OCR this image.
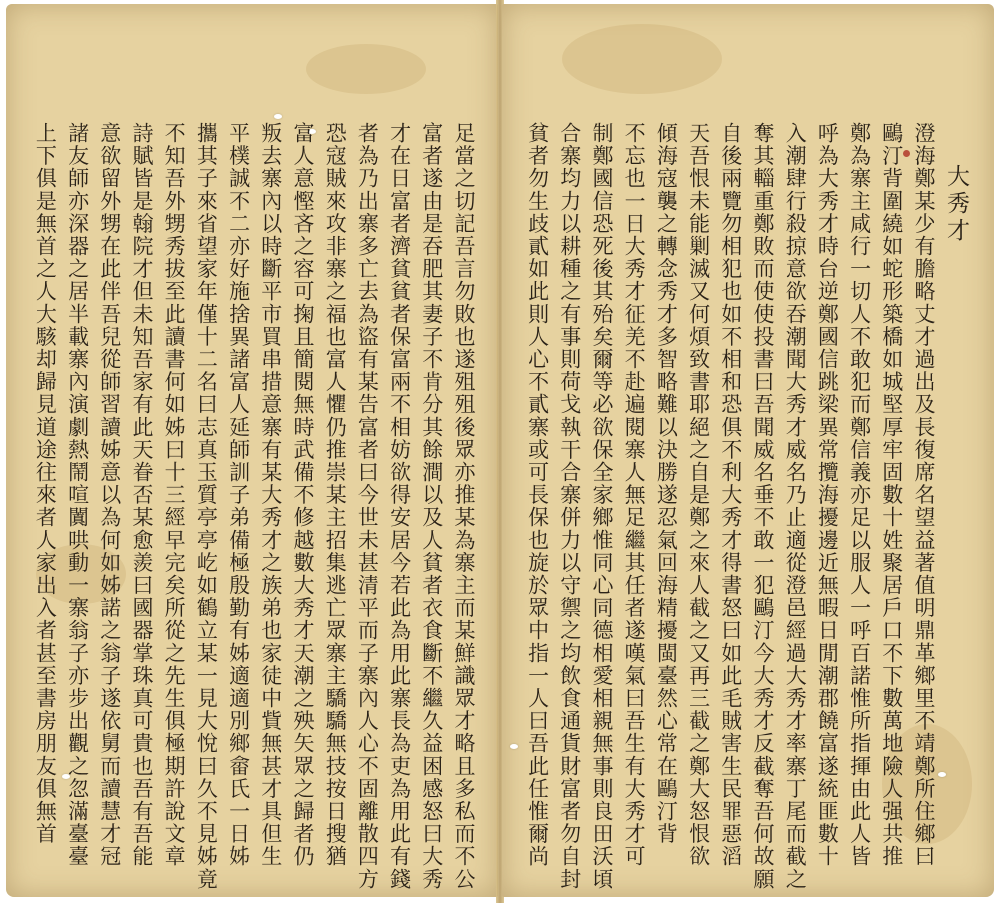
足當之切記吾言勿敗也遂殂殂後眾亦推某為寨主而某鮮識眾才略且多私而不公
富者遂由是吞肥其妻子不肯分其餘澗以及人貧者衣食斷不繼久益困感怒曰大秀
才在日富者濟貧貧者保富兩不相妨欲得安居今若此為用此寨長為吏為用此有錢
者為乃出寨多亡去為盜有某告富者曰今世未甚清平而子寨內人心不固離散四方
恐寇賊來攻非寨之福也富人懼仍推崇某主招集逃亡眾寨主驕驕無技按日搜猶
富人意慳吝之容可掬且簡閱無時武備不修越數大秀才天潮之殃矢眾之歸者仍
叛去寨內以時斷平市買串措意寨有某大秀才之族弟也家徒中貲無甚才具但生
平樸誠不二亦好施捨異諸富人延師訓子弟備極殷勤有姊適適別鄉畲氏一日姊
攜其子來省望家年僅十二名曰志真玉質亭亭屹如鶴立某一見大悅曰久不見姊竟
不知吾外甥秀拔至此讀書何如姊曰十三經早完矣所從之先生俱極期許說文章
詩賦皆是翰院才但未知吾家有此天眷否某愈羨曰國器掌珠真可貴也吾有吾能
意欲留外甥在此伴吾兒從師習讀姊意以為何如姊諾之翁子遂依舅而讀慧才冠
諸友師亦深器之居半載寨內演劇熱鬧喧闐哄動一寨翁子亦步出觀之忽滿臺臺
上下俱是無首之人大駭却歸見道途往來者人家出入者甚至書房朋友俱無首	大秀才
澄海鄭某少有膽略丈才過出及長復席名望益著值明鼎革鄉里不靖鄭所住鄉曰
鷗汀背圍繞如蛇形築橋如城堅厚牢固數十姓聚居戶口不下數萬地險人强共推
鄭為寨主咸行一切人不敢犯而鄭信義亦足以服人一呼百諾惟所指揮由此人皆
呼為大秀才時台逆鄭國信跳梁異常攬海擾邊近無暇日閒潮郡饒富遂統匪數十
入潮肆行殺掠意欲吞潮聞大秀才威名乃止適從澄邑經過大秀才率寨丁尾而截之
奪其輜重鄭敗而使使投書曰吾聞威名垂不敢一犯鷗汀今大秀才反截奪吾何故願
自後兩覽勿相犯也如不相和恐俱不利大秀才得書怒曰如此毛賊害生民罪惡滔
天吾恨未能剿滅又何煩致書耶絕之自是鄭之來人截之又再三截之鄭大怒恨欲
傾海寇襲之轉念秀才多智略難以決勝遂忍氣回海精擾閩臺然心常在鷗汀背
不忘也一日大秀才征羌不赴遍閱寨人無足繼其任者遂嘆氣曰吾生有大秀才可
制鄭國信恐死後其殆矣爾等必欲保全家鄉惟同心同德相愛相親無事則良田沃頃
合寨均力以耕種之有事則荷戈執干合寨併力以守禦之均飲食通貨財富者勿自封
貧者勿生歧貳如此則人心不貳寨或可長保也旋於眾中指一人曰吾此任惟爾尚
